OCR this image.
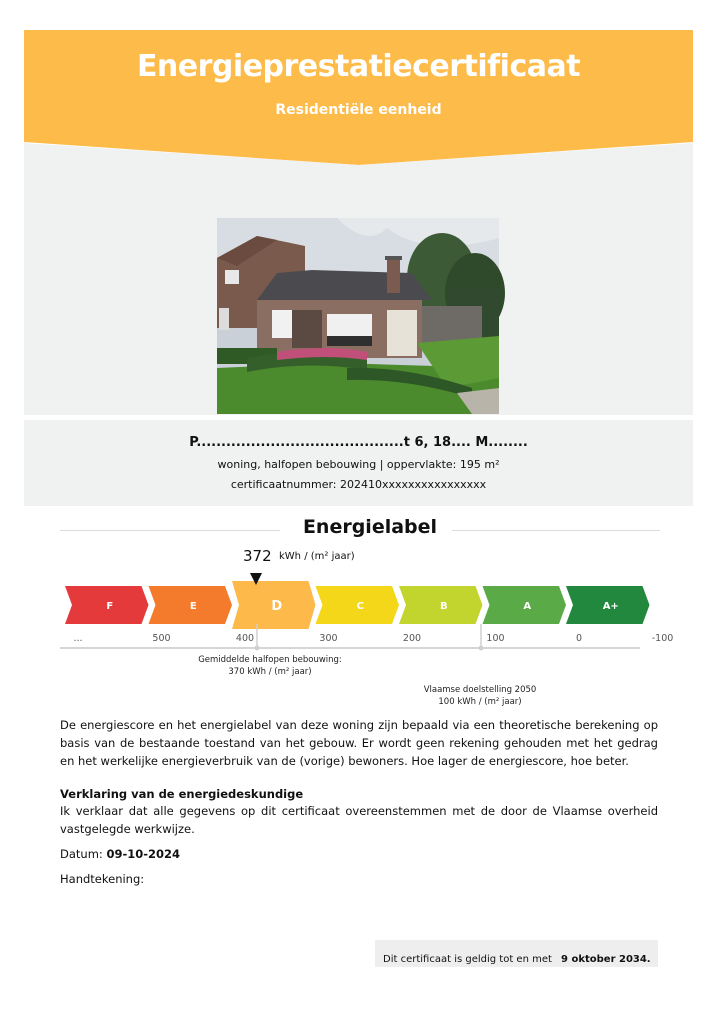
Energieprestatiecertificaat
Residentiële eenheid
P..........................................t 6, 18.... M........
woning, halfopen bebouwing | oppervlakte: 195 m²
certificaatnummer: 202410xxxxxxxxxxxxxxxx
Energielabel
372 kWh / (m² jaar)
F	E	D	C	B	A	A+
...	500	400	300	200	100	0	-100
Gemiddelde halfopen bebouwing:
370 kWh / (m² jaar)
Vlaamse doelstelling 2050
100 kWh / (m² jaar)
De energiescore en het energielabel van deze woning zijn bepaald via een theoretische berekening op basis van de bestaande toestand van het gebouw. Er wordt geen rekening gehouden met het gedrag en het werkelijke energieverbruik van de (vorige) bewoners. Hoe lager de energiescore, hoe beter.
Verklaring van de energiedeskundige
Ik verklaar dat alle gegevens op dit certificaat overeenstemmen met de door de Vlaamse overheid vastgelegde werkwijze.
Datum: 09-10-2024
Handtekening:
Dit certificaat is geldig tot en met 9 oktober 2034.
